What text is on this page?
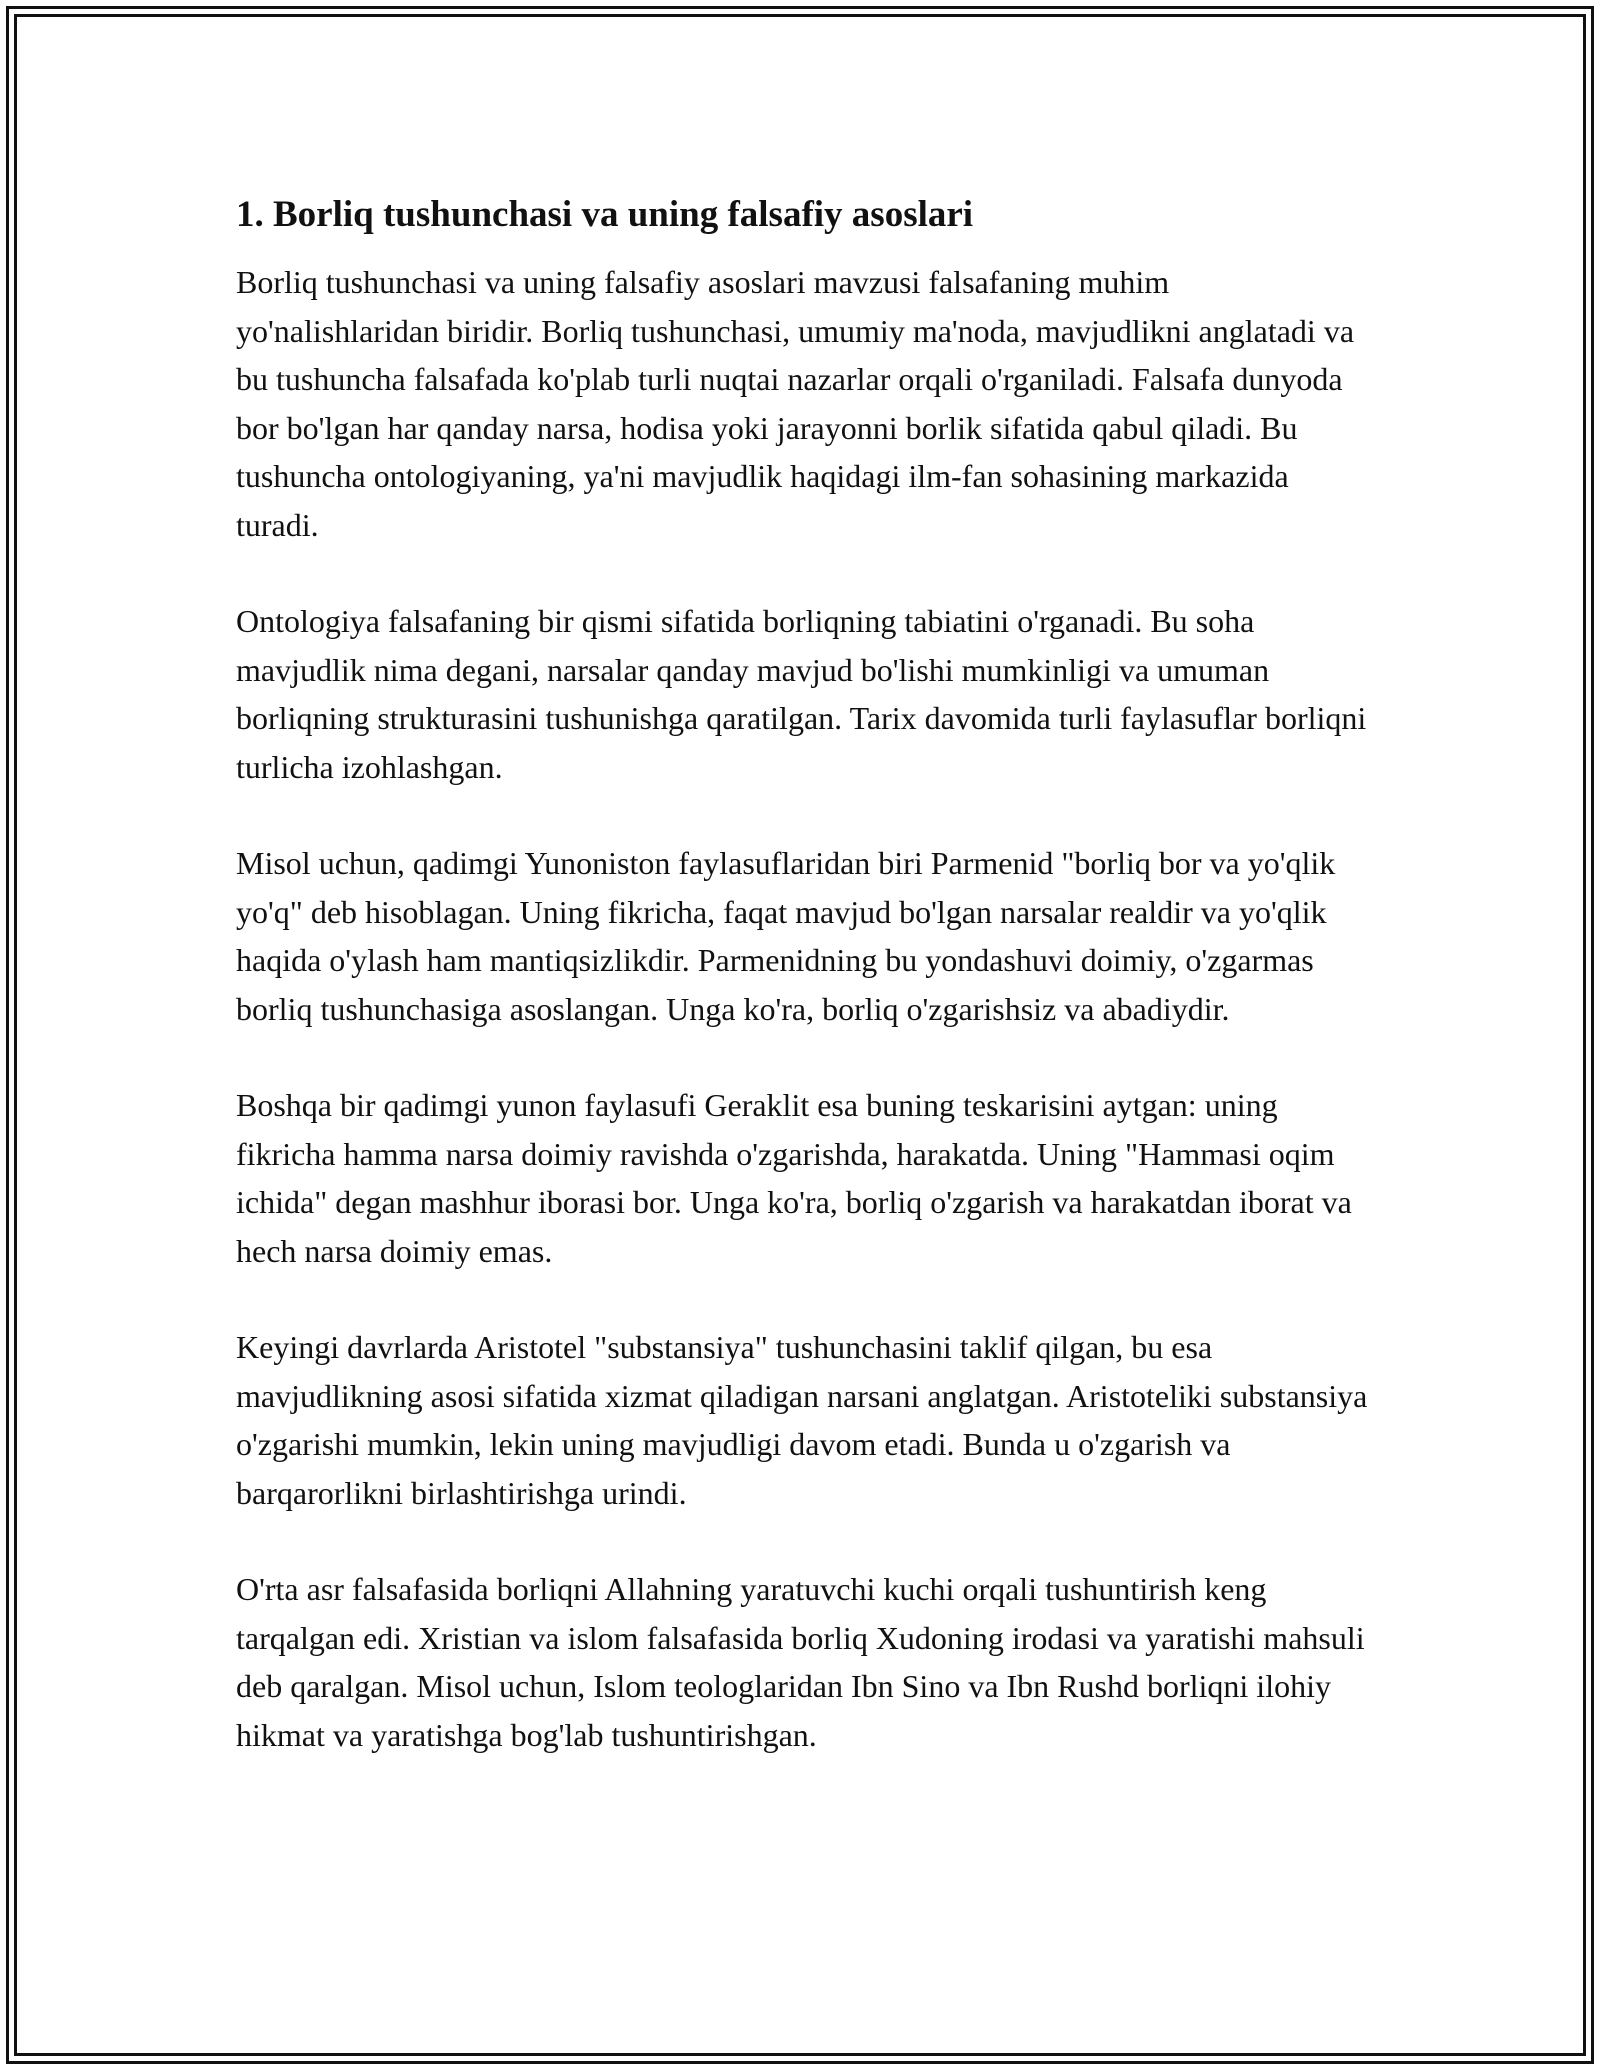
1. Borliq tushunchasi va uning falsafiy asoslari

Borliq tushunchasi va uning falsafiy asoslari mavzusi falsafaning muhim yo'nalishlaridan biridir. Borliq tushunchasi, umumiy ma'noda, mavjudlikni anglatadi va bu tushuncha falsafada ko'plab turli nuqtai nazarlar orqali o'rganiladi. Falsafa dunyoda bor bo'lgan har qanday narsa, hodisa yoki jarayonni borlik sifatida qabul qiladi. Bu tushuncha ontologiyaning, ya'ni mavjudlik haqidagi ilm-fan sohasining markazida turadi.

Ontologiya falsafaning bir qismi sifatida borliqning tabiatini o'rganadi. Bu soha mavjudlik nima degani, narsalar qanday mavjud bo'lishi mumkinligi va umuman borliqning strukturasini tushunishga qaratilgan. Tarix davomida turli faylasuflar borliqni turlicha izohlashgan.

Misol uchun, qadimgi Yunoniston faylasuflaridan biri Parmenid "borliq bor va yo'qlik yo'q" deb hisoblagan. Uning fikricha, faqat mavjud bo'lgan narsalar realdir va yo'qlik haqida o'ylash ham mantiqsizlikdir. Parmenidning bu yondashuvi doimiy, o'zgarmas borliq tushunchasiga asoslangan. Unga ko'ra, borliq o'zgarishsiz va abadiydir.

Boshqa bir qadimgi yunon faylasufi Geraklit esa buning teskarisini aytgan: uning fikricha hamma narsa doimiy ravishda o'zgarishda, harakatda. Uning "Hammasi oqim ichida" degan mashhur iborasi bor. Unga ko'ra, borliq o'zgarish va harakatdan iborat va hech narsa doimiy emas.

Keyingi davrlarda Aristotel "substansiya" tushunchasini taklif qilgan, bu esa mavjudlikning asosi sifatida xizmat qiladigan narsani anglatgan. Aristoteliki substansiya o'zgarishi mumkin, lekin uning mavjudligi davom etadi. Bunda u o'zgarish va barqarorlikni birlashtirishga urindi.

O'rta asr falsafasida borliqni Allahning yaratuvchi kuchi orqali tushuntirish keng tarqalgan edi. Xristian va islom falsafasida borliq Xudoning irodasi va yaratishi mahsuli deb qaralgan. Misol uchun, Islom teologlaridan Ibn Sino va Ibn Rushd borliqni ilohiy hikmat va yaratishga bog'lab tushuntirishgan.
